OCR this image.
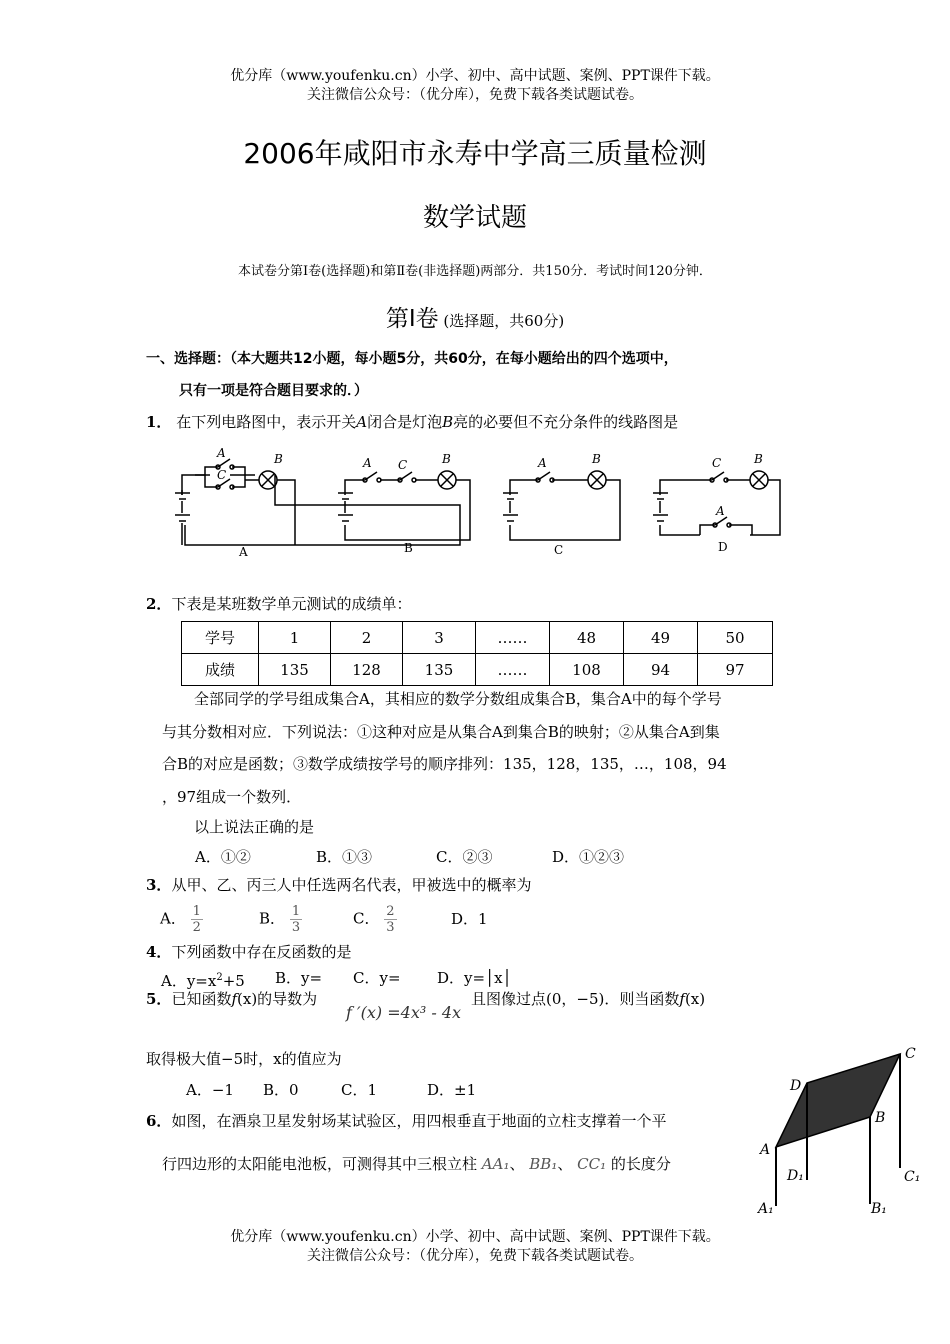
优分库（www.youfenku.cn）小学、初中、高中试题、案例、PPT课件下载。
关注微信公众号：（优分库），免费下载各类试题试卷。
2006年咸阳市永寿中学高三质量检测
数学试题
本试卷分第Ⅰ卷(选择题)和第Ⅱ卷(非选择题)两部分．共150分．考试时间120分钟．
第Ⅰ卷 (选择题，共60分)
一、选择题：（本大题共12小题，每小题5分，共60分，在每小题给出的四个选项中，
只有一项是符合题目要求的．）
1． 在下列电路图中，表示开关A闭合是灯泡B亮的必要但不充分条件的线路图是
A
C
B	A C	B	A	B	C	B
A
A	B	C	D
2．下表是某班数学单元测试的成绩单：
学号	1	2	3	……	48	49	50
成绩	135	128	135	……	108	94	97
全部同学的学号组成集合A，其相应的数学分数组成集合B，集合A中的每个学号
与其分数相对应．下列说法：①这种对应是从集合A到集合B的映射；②从集合A到集
合B的对应是函数；③数学成绩按学号的顺序排列：135，128，135，…，108，94
，97组成一个数列．
以上说法正确的是
A．①②	B．①③	C．②③	D．①②③
3．从甲、乙、丙三人中任选两名代表，甲被选中的概率为
A． $\frac{1}{2}$	B． $\frac{1}{3}$	C． $\frac{2}{3}$	D．1
4．下列函数中存在反函数的是
A．$y=x^2+5$ B．y= C．y= D．y=│x│
5．已知函数f(x)的导数为
f ′(x) =4x³ - 4x
且图像过点(0，−5)．则当函数f(x)
取得极大值−5时，x的值应为
A．−1 B．0	C．1	D．±1
6．如图，在酒泉卫星发射场某试验区，用四根垂直于地面的立柱支撑着一个平
行四边形的太阳能电池板，可测得其中三根立柱 AA₁、 BB₁、 CC₁ 的长度分
A
B
C
D
A₁	B₁
C₁
D₁
优分库（www.youfenku.cn）小学、初中、高中试题、案例、PPT课件下载。
关注微信公众号：（优分库），免费下载各类试题试卷。
